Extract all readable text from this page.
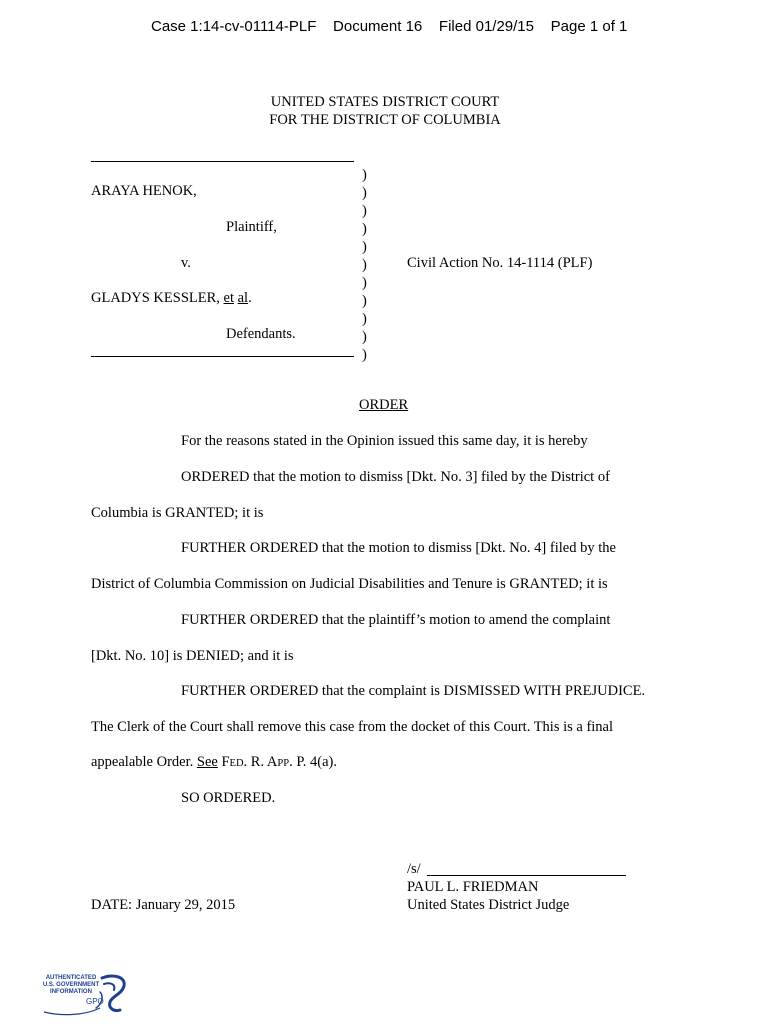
Case 1:14-cv-01114-PLF Document 16 Filed 01/29/15 Page 1 of 1
UNITED STATES DISTRICT COURT
FOR THE DISTRICT OF COLUMBIA
)
)
)
)
)
)
)
)
)
)
)
ARAYA HENOK,
Plaintiff,
v.
GLADYS KESSLER, et al.
Defendants.
Civil Action No. 14-1114 (PLF)
ORDER
For the reasons stated in the Opinion issued this same day, it is hereby
ORDERED that the motion to dismiss [Dkt. No. 3] filed by the District of
Columbia is GRANTED; it is
FURTHER ORDERED that the motion to dismiss [Dkt. No. 4] filed by the
District of Columbia Commission on Judicial Disabilities and Tenure is GRANTED; it is
FURTHER ORDERED that the plaintiff’s motion to amend the complaint
[Dkt. No. 10] is DENIED; and it is
FURTHER ORDERED that the complaint is DISMISSED WITH PREJUDICE.
The Clerk of the Court shall remove this case from the docket of this Court. This is a final
appealable Order. See FED. R. APP. P. 4(a).
SO ORDERED.
/s/
PAUL L. FRIEDMAN
United States District Judge
DATE: January 29, 2015
AUTHENTICATED
U.S. GOVERNMENT
INFORMATION
GPO
